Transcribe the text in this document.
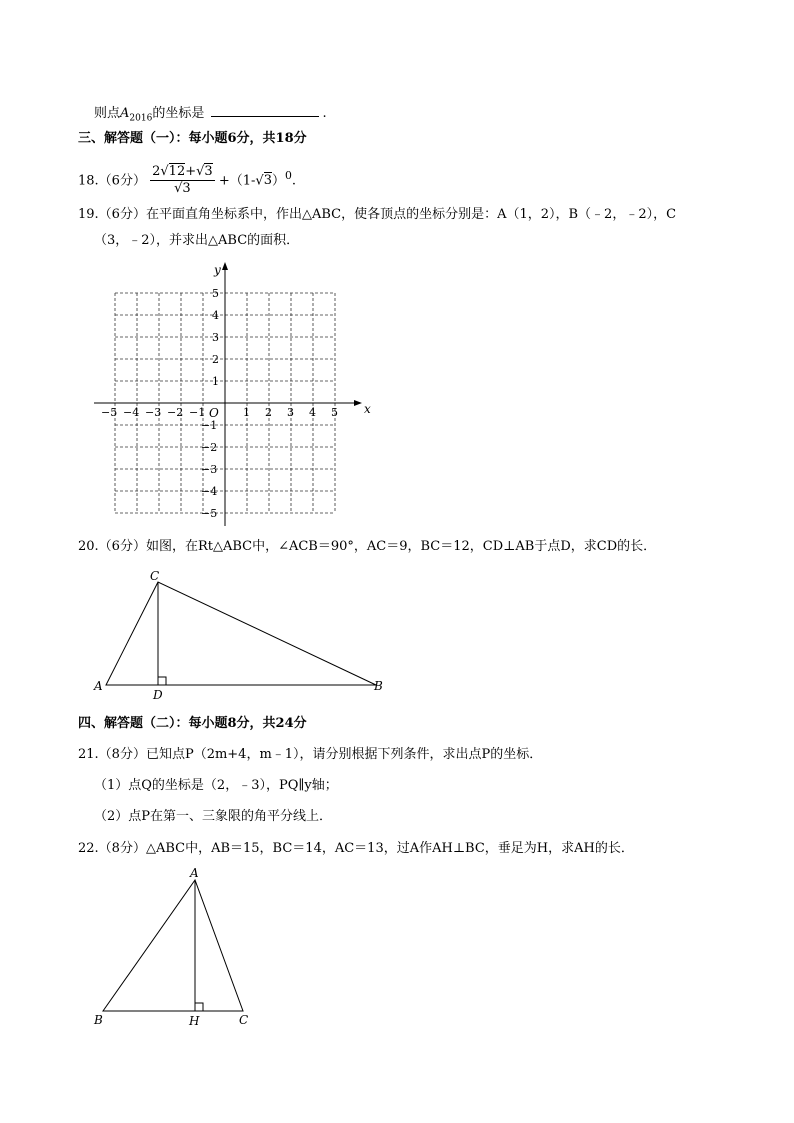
则点$A_{2016}$的坐标是	.
三、解答题（一）：每小题6分，共18分
18.（6分） $\frac{2√12+√3}{√3} +(1-√3)^0$.
19.（6分）在平面直角坐标系中，作出△ABC，使各顶点的坐标分别是：A（1，2），B（﹣2，﹣2），C
（3，﹣2），并求出△ABC的面积．
x
y
O
−5 −4 −3 −2 −1	1 2 3 4 5
5
4
3
2
1
−1
−2
−3
−4
−5
20.（6分）如图，在Rt△ABC中，∠ACB＝90°，AC＝9，BC＝12，CD⊥AB于点D，求CD的长．
C
A
D
B
四、解答题（二）：每小题8分，共24分
21.（8分）已知点P（2m+4，m﹣1），请分别根据下列条件，求出点P的坐标．
（1）点Q的坐标是（2，﹣3），PQ∥y轴；
（2）点P在第一、三象限的角平分线上．
22.（8分）△ABC中，AB＝15，BC＝14，AC＝13，过A作AH⊥BC，垂足为H，求AH的长．
A
B	H	C
